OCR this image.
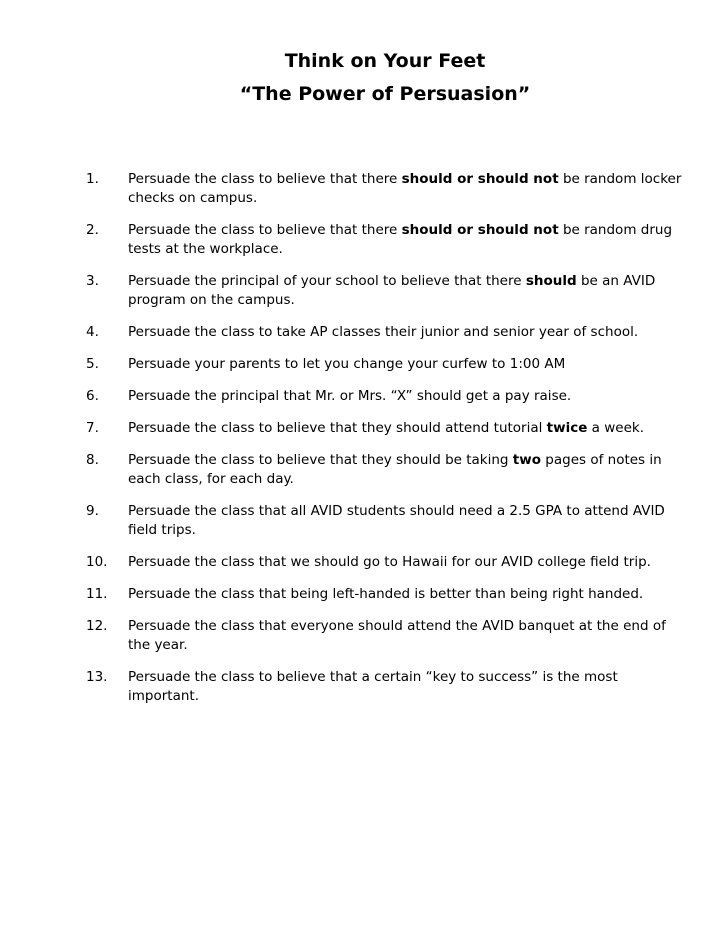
Think on Your Feet

“The Power of Persuasion”

1.	Persuade the class to believe that there should or should not be random locker checks on campus.
2.	Persuade the class to believe that there should or should not be random drug tests at the workplace.
3.	Persuade the principal of your school to believe that there should be an AVID program on the campus.
4.	Persuade the class to take AP classes their junior and senior year of school.
5.	Persuade your parents to let you change your curfew to 1:00 AM
6.	Persuade the principal that Mr. or Mrs. “X” should get a pay raise.
7.	Persuade the class to believe that they should attend tutorial twice a week.
8.	Persuade the class to believe that they should be taking two pages of notes in each class, for each day.
9.	Persuade the class that all AVID students should need a 2.5 GPA to attend AVID field trips.
10.	Persuade the class that we should go to Hawaii for our AVID college field trip.
11.	Persuade the class that being left-handed is better than being right handed.
12.	Persuade the class that everyone should attend the AVID banquet at the end of the year.
13.	Persuade the class to believe that a certain “key to success” is the most important.
